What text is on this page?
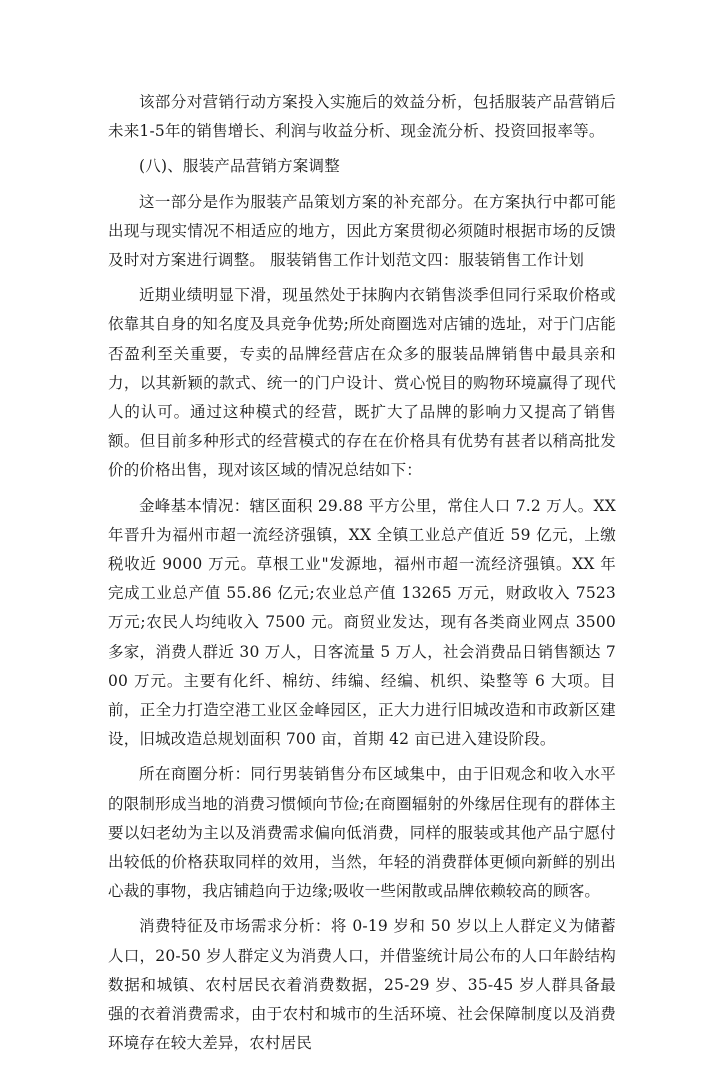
该部分对营销行动方案投入实施后的效益分析，包括服装产品营销后未来1-5年的销售增长、利润与收益分析、现金流分析、投资回报率等。

(八)、服装产品营销方案调整

这一部分是作为服装产品策划方案的补充部分。在方案执行中都可能出现与现实情况不相适应的地方，因此方案贯彻必须随时根据市场的反馈及时对方案进行调整。 服装销售工作计划范文四：服装销售工作计划

近期业绩明显下滑，现虽然处于抹胸内衣销售淡季但同行采取价格或依靠其自身的知名度及具竞争优势;所处商圈选对店铺的选址，对于门店能否盈利至关重要，专卖的品牌经营店在众多的服装品牌销售中最具亲和力，以其新颖的款式、统一的门户设计、赏心悦目的购物环境赢得了现代人的认可。通过这种模式的经营，既扩大了品牌的影响力又提高了销售额。但目前多种形式的经营模式的存在在价格具有优势有甚者以稍高批发价的价格出售，现对该区域的情况总结如下：

金峰基本情况：辖区面积 29.88 平方公里，常住人口 7.2 万人。XX 年晋升为福州市超一流经济强镇，XX 全镇工业总产值近 59 亿元，上缴税收近 9000 万元。草根工业"发源地，福州市超一流经济强镇。XX 年完成工业总产值 55.86 亿元;农业总产值 13265 万元，财政收入 7523 万元;农民人均纯收入 7500 元。商贸业发达，现有各类商业网点 3500 多家，消费人群近 30 万人，日客流量 5 万人，社会消费品日销售额达 700 万元。主要有化纤、棉纺、纬编、经编、机织、染整等 6 大项。目前，正全力打造空港工业区金峰园区，正大力进行旧城改造和市政新区建设，旧城改造总规划面积 700 亩，首期 42 亩已进入建设阶段。

所在商圈分析：同行男装销售分布区域集中，由于旧观念和收入水平的限制形成当地的消费习惯倾向节俭;在商圈辐射的外缘居住现有的群体主要以妇老幼为主以及消费需求偏向低消费，同样的服装或其他产品宁愿付出较低的价格获取同样的效用，当然，年轻的消费群体更倾向新鲜的别出心裁的事物，我店铺趋向于边缘;吸收一些闲散或品牌依赖较高的顾客。

消费特征及市场需求分析：将 0-19 岁和 50 岁以上人群定义为储蓄人口，20-50 岁人群定义为消费人口，并借鉴统计局公布的人口年龄结构数据和城镇、农村居民衣着消费数据，25-29 岁、35-45 岁人群具备最强的衣着消费需求，由于农村和城市的生活环境、社会保障制度以及消费环境存在较大差异，农村居民
